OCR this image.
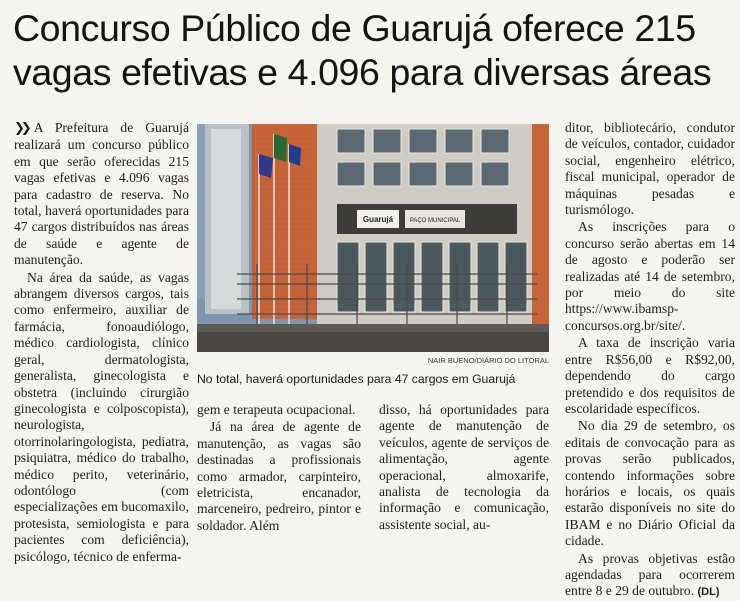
Concurso Público de Guarujá oferece 215 vagas efetivas e 4.096 para diversas áreas

❯❯ A Prefeitura de Guarujá realizará um concurso público em que serão oferecidas 215 vagas efetivas e 4.096 vagas para cadastro de reserva. No total, haverá oportunidades para 47 cargos distribuídos nas áreas de saúde e agente de manutenção.

Na área da saúde, as vagas abrangem diversos cargos, tais como enfermeiro, auxiliar de farmácia, fonoaudiólogo, médico cardiologista, clínico geral, dermatologista, generalista, ginecologista e obstetra (incluindo cirurgião ginecologista e colposcopista), neurologista, otorrinolaringologista, pediatra, psiquiatra, médico do trabalho, médico perito, veterinário, odontólogo (com especializações em bucomaxilo, protesista, semiologista e para pacientes com deficiência), psicólogo, técnico de enferma-

Guarujá	PAÇO MUNICIPAL
NAIR BUENO/DIÁRIO DO LITORAL
No total, haverá oportunidades para 47 cargos em Guarujá

gem e terapeuta ocupacional.

Já na área de agente de manutenção, as vagas são destinadas a profissionais como armador, carpinteiro, eletricista, encanador, marceneiro, pedreiro, pintor e soldador. Além

disso, há oportunidades para agente de manutenção de veículos, agente de serviços de alimentação, agente operacional, almoxarife, analista de tecnologia da informação e comunicação, assistente social, au-

ditor, bibliotecário, condutor de veículos, contador, cuidador social, engenheiro elétrico, fiscal municipal, operador de máquinas pesadas e turismólogo.

As inscrições para o concurso serão abertas em 14 de agosto e poderão ser realizadas até 14 de setembro, por meio do site https://www.ibamsp-concursos.org.br/site/.

A taxa de inscrição varia entre R$56,00 e R$92,00, dependendo do cargo pretendido e dos requisitos de escolaridade específicos.

No dia 29 de setembro, os editais de convocação para as provas serão publicados, contendo informações sobre horários e locais, os quais estarão disponíveis no site do IBAM e no Diário Oficial da cidade.

As provas objetivas estão agendadas para ocorrerem entre 8 e 29 de outubro. (DL)
